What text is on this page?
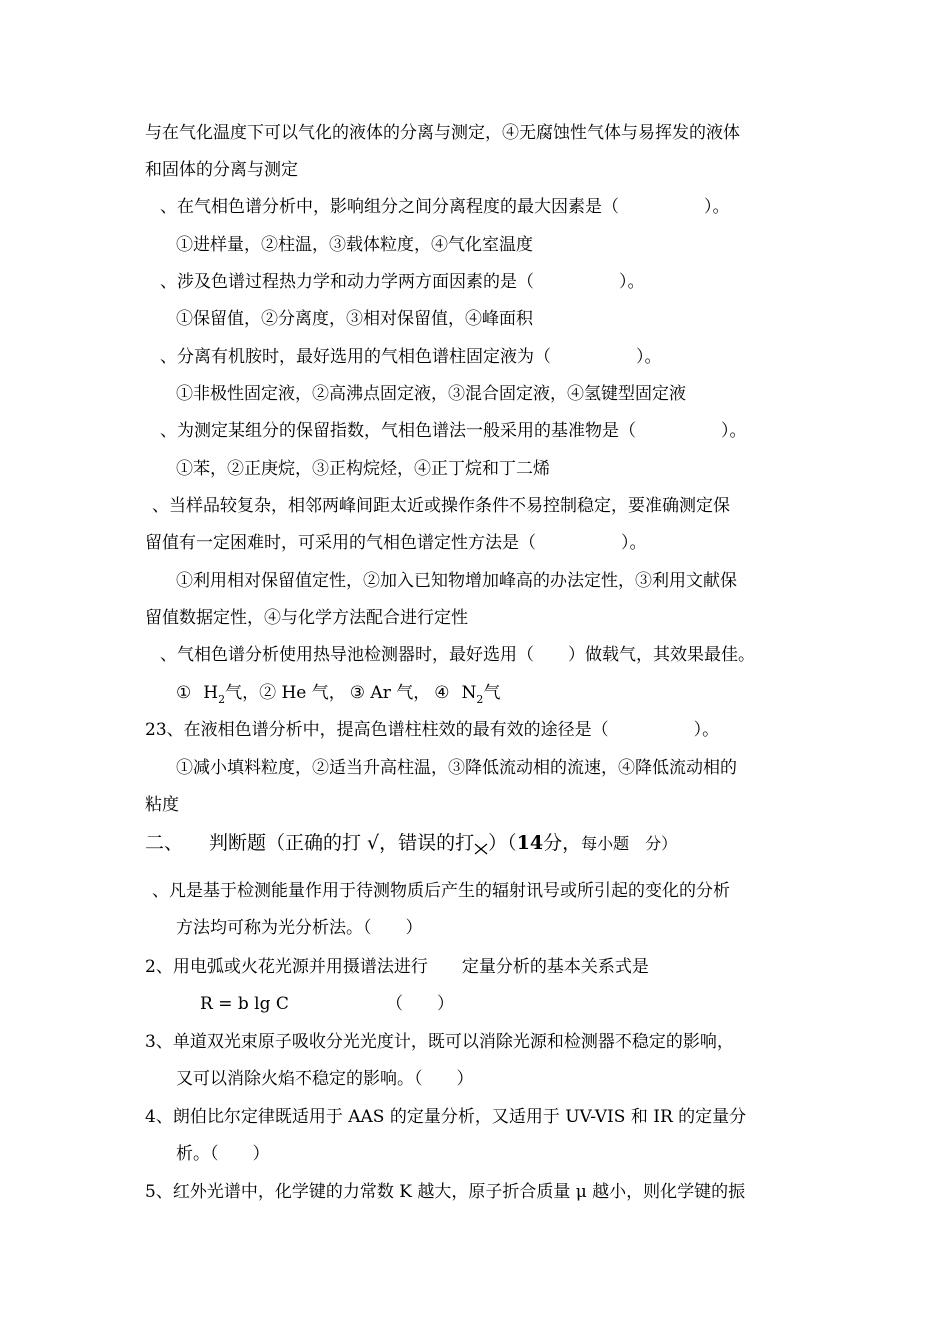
与在气化温度下可以气化的液体的分离与测定，④无腐蚀性气体与易挥发的液体
和固体的分离与测定
、在气相色谱分析中，影响组分之间分离程度的最大因素是（　　　　　）。
①进样量，②柱温，③载体粒度，④气化室温度
、涉及色谱过程热力学和动力学两方面因素的是（　　　　　）。
①保留值，②分离度，③相对保留值，④峰面积
、分离有机胺时，最好选用的气相色谱柱固定液为（　　　　　）。
①非极性固定液，②高沸点固定液，③混合固定液，④氢键型固定液
、为测定某组分的保留指数，气相色谱法一般采用的基准物是（　　　　　）。
①苯，②正庚烷，③正构烷烃，④正丁烷和丁二烯
、当样品较复杂，相邻两峰间距太近或操作条件不易控制稳定，要准确测定保
留值有一定困难时，可采用的气相色谱定性方法是（　　　　　）。
①利用相对保留值定性，②加入已知物增加峰高的办法定性，③利用文献保
留值数据定性，④与化学方法配合进行定性
、气相色谱分析使用热导池检测器时，最好选用（　　）做载气，其效果最佳。
① $H_2$气，② He 气， ③ Ar 气， ④ $N_2$气
23、在液相色谱分析中，提高色谱柱柱效的最有效的途径是（　　　　　）。
①减小填料粒度，②适当升高柱温，③降低流动相的流速，④降低流动相的
粘度
二、 判断题（正确的打 √，错误的打 ）（14分，每小题 分）
、凡是基于检测能量作用于待测物质后产生的辐射讯号或所引起的变化的分析
方法均可称为光分析法。（　　）
2、用电弧或火花光源并用摄谱法进行　　定量分析的基本关系式是
R = b lg C	（　　）
3、单道双光束原子吸收分光光度计，既可以消除光源和检测器不稳定的影响，
又可以消除火焰不稳定的影响。（　　）
4、朗伯比尔定律既适用于 AAS 的定量分析，又适用于 UV-VIS 和 IR 的定量分
析。（　　）
5、红外光谱中，化学键的力常数 K 越大，原子折合质量 μ 越小，则化学键的振
